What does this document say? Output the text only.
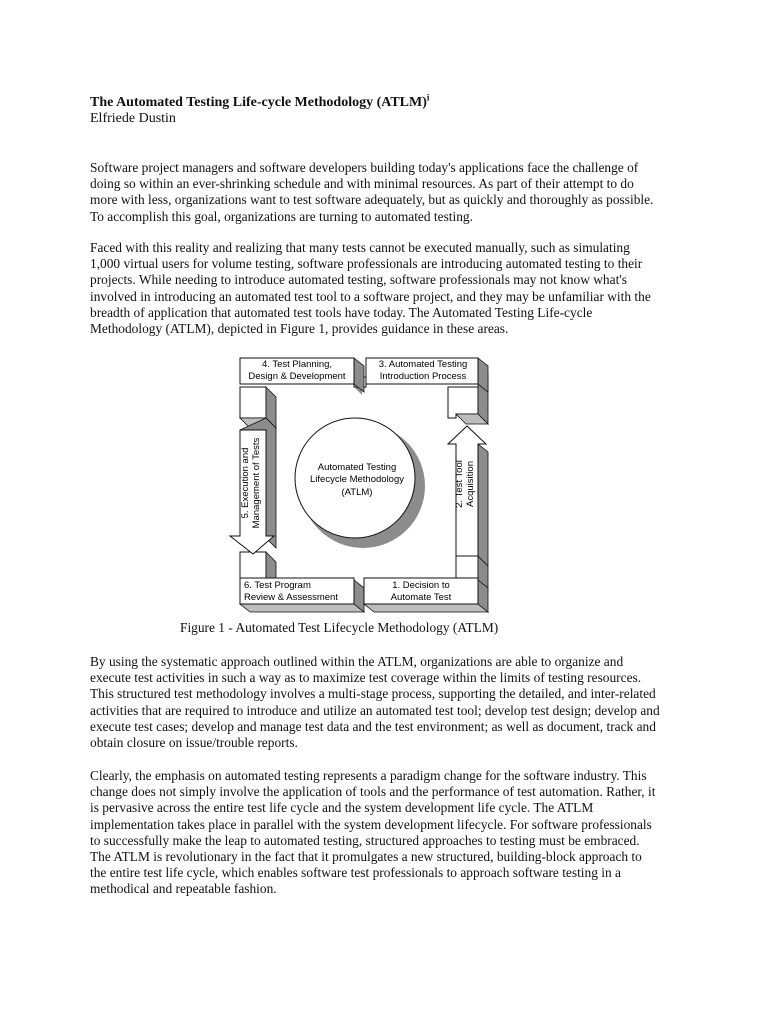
The Automated Testing Life-cycle Methodology (ATLM)$^i$
Elfriede Dustin
Software project managers and software developers building today's applications face the challenge of
doing so within an ever-shrinking schedule and with minimal resources. As part of their attempt to do
more with less, organizations want to test software adequately, but as quickly and thoroughly as possible.
To accomplish this goal, organizations are turning to automated testing.
Faced with this reality and realizing that many tests cannot be executed manually, such as simulating
1,000 virtual users for volume testing, software professionals are introducing automated testing to their
projects. While needing to introduce automated testing, software professionals may not know what's
involved in introducing an automated test tool to a software project, and they may be unfamiliar with the
breadth of application that automated test tools have today. The Automated Testing Life-cycle
Methodology (ATLM), depicted in Figure 1, provides guidance in these areas.
4. Test Planning,
Design & Development
3. Automated Testing
Introduction Process
6. Test Program
Review & Assessment
1. Decision to
Automate Test
5. Execution and Management of Tests	2. Test Tool Acquisition
Automated Testing
Lifecycle Methodology
(ATLM)
Figure 1 - Automated Test Lifecycle Methodology (ATLM)
By using the systematic approach outlined within the ATLM, organizations are able to organize and
execute test activities in such a way as to maximize test coverage within the limits of testing resources.
This structured test methodology involves a multi-stage process, supporting the detailed, and inter-related
activities that are required to introduce and utilize an automated test tool; develop test design; develop and
execute test cases; develop and manage test data and the test environment; as well as document, track and
obtain closure on issue/trouble reports.
Clearly, the emphasis on automated testing represents a paradigm change for the software industry. This
change does not simply involve the application of tools and the performance of test automation. Rather, it
is pervasive across the entire test life cycle and the system development life cycle. The ATLM
implementation takes place in parallel with the system development lifecycle. For software professionals
to successfully make the leap to automated testing, structured approaches to testing must be embraced.
The ATLM is revolutionary in the fact that it promulgates a new structured, building-block approach to
the entire test life cycle, which enables software test professionals to approach software testing in a
methodical and repeatable fashion.
